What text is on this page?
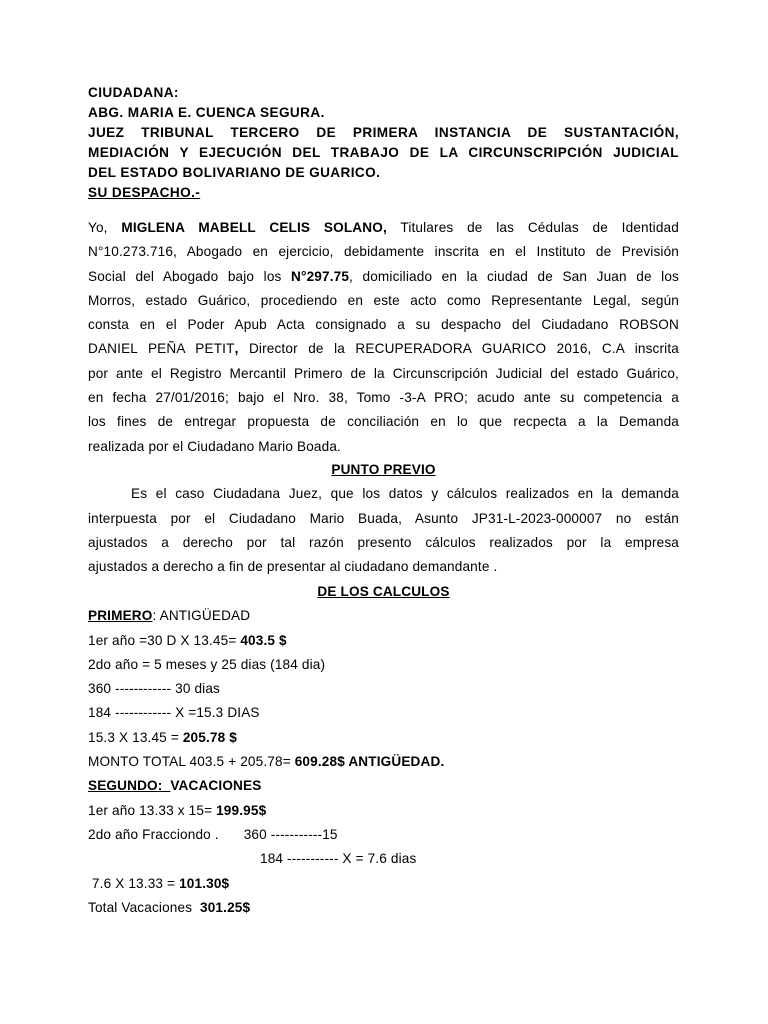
CIUDADANA:
ABG. MARIA E. CUENCA SEGURA.
JUEZ TRIBUNAL TERCERO DE PRIMERA INSTANCIA DE SUSTANTACIÓN,
MEDIACIÓN Y EJECUCIÓN DEL TRABAJO DE LA CIRCUNSCRIPCIÓN JUDICIAL
DEL ESTADO BOLIVARIANO DE GUARICO.
SU DESPACHO.-
Yo, MIGLENA MABELL CELIS SOLANO, Titulares de las Cédulas de Identidad
N°10.273.716, Abogado en ejercicio, debidamente inscrita en el Instituto de Previsión
Social del Abogado bajo los N°297.75, domiciliado en la ciudad de San Juan de los
Morros, estado Guárico, procediendo en este acto como Representante Legal, según
consta en el Poder Apub Acta consignado a su despacho del Ciudadano ROBSON
DANIEL PEÑA PETIT, Director de la RECUPERADORA GUARICO 2016, C.A inscrita
por ante el Registro Mercantil Primero de la Circunscripción Judicial del estado Guárico,
en fecha 27/01/2016; bajo el Nro. 38, Tomo -3-A PRO; acudo ante su competencia a
los fines de entregar propuesta de conciliación en lo que recpecta a la Demanda
realizada por el Ciudadano Mario Boada.
PUNTO PREVIO
Es el caso Ciudadana Juez, que los datos y cálculos realizados en la demanda
interpuesta por el Ciudadano Mario Buada, Asunto JP31-L-2023-000007 no están
ajustados a derecho por tal razón presento cálculos realizados por la empresa
ajustados a derecho a fin de presentar al ciudadano demandante .
DE LOS CALCULOS
PRIMERO: ANTIGÜEDAD
1er año =30 D X 13.45= 403.5 $
2do año = 5 meses y 25 dias (184 dia)
360 ------------ 30 dias
184 ------------ X =15.3 DIAS
15.3 X 13.45 = 205.78 $
MONTO TOTAL 403.5 + 205.78= 609.28$ ANTIGÜEDAD.
SEGUNDO: VACACIONES
1er año 13.33 x 15= 199.95$
2do año Fracciondo . 360 -----------15
184 ----------- X = 7.6 dias
7.6 X 13.33 = 101.30$
Total Vacaciones  301.25$
